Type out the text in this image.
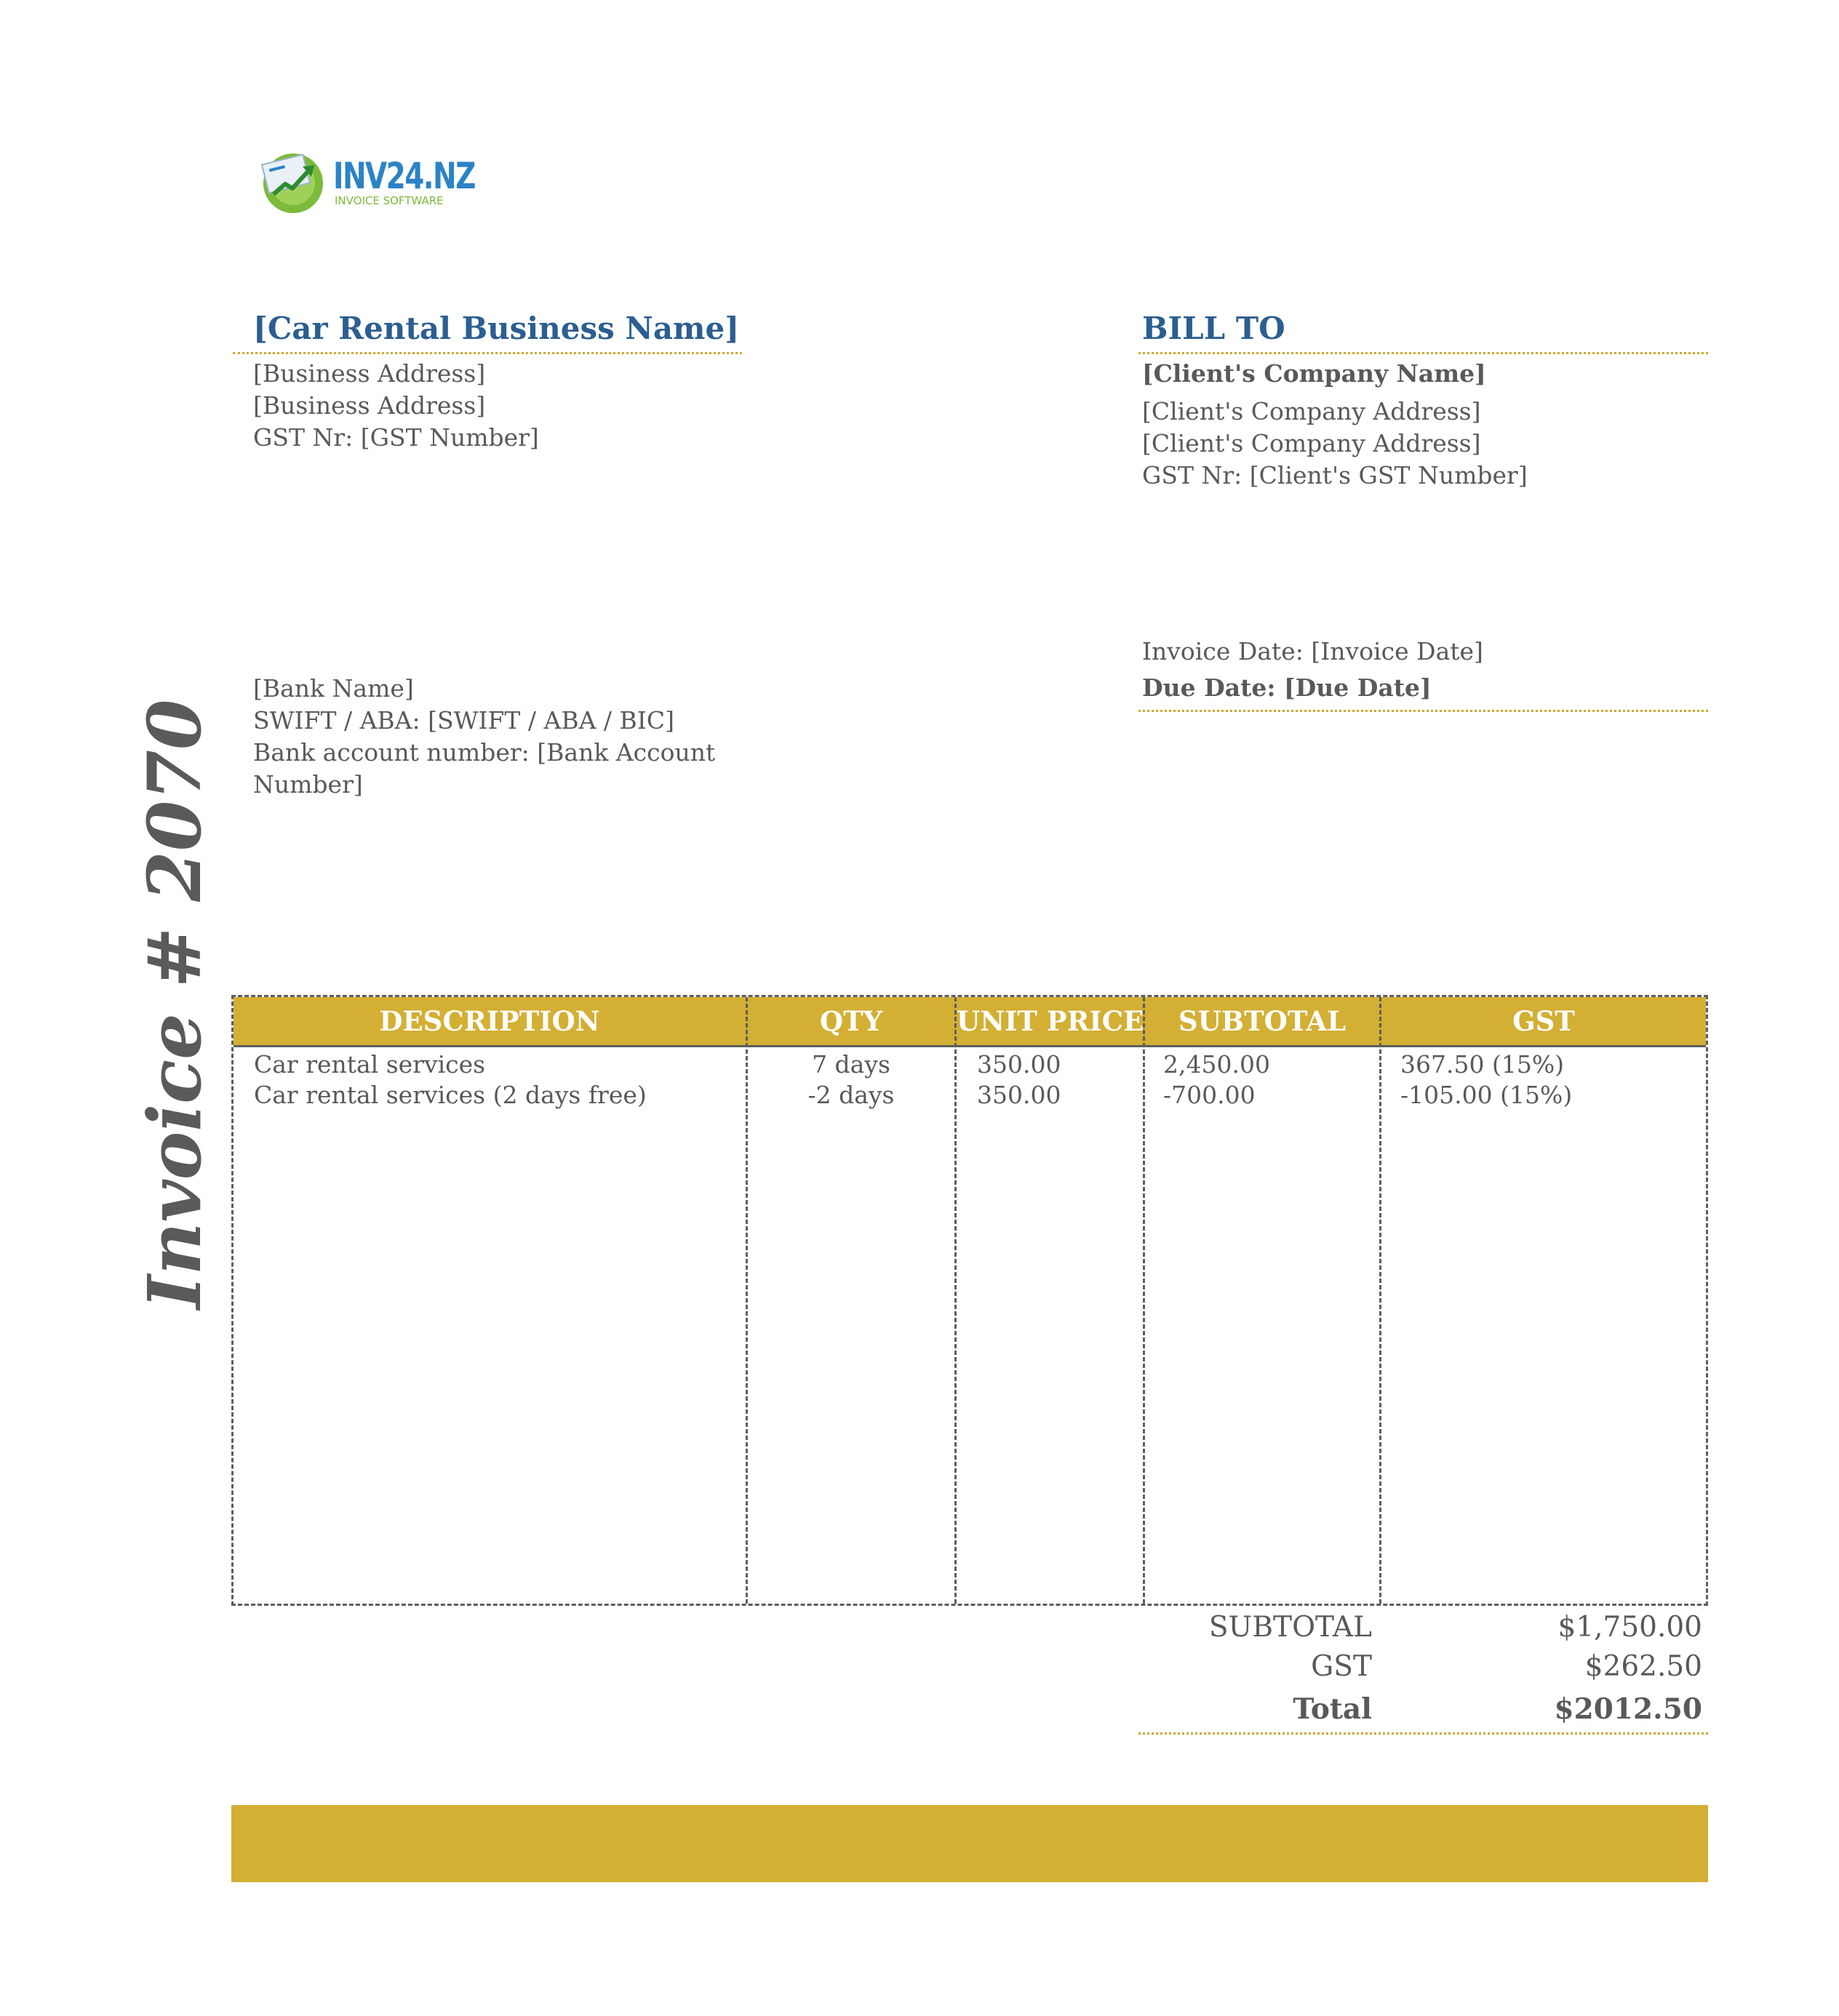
INV24.NZ
INVOICE SOFTWARE
Invoice # 2070
[Car Rental Business Name]
[Business Address]
[Business Address]
GST Nr: [GST Number]
BILL TO
[Client's Company Name]
[Client's Company Address]
[Client's Company Address]
GST Nr: [Client's GST Number]
[Bank Name]
SWIFT / ABA: [SWIFT / ABA / BIC]
Bank account number: [Bank Account
Number]
Invoice Date: [Invoice Date]
Due Date: [Due Date]
DESCRIPTION	QTY	UNIT PRICE	SUBTOTAL	GST
Car rental services	7 days	350.00	2,450.00	367.50 (15%)
Car rental services (2 days free)	-2 days	350.00	-700.00	-105.00 (15%)
SUBTOTAL	$1,750.00
GST	$262.50
Total	$2012.50
